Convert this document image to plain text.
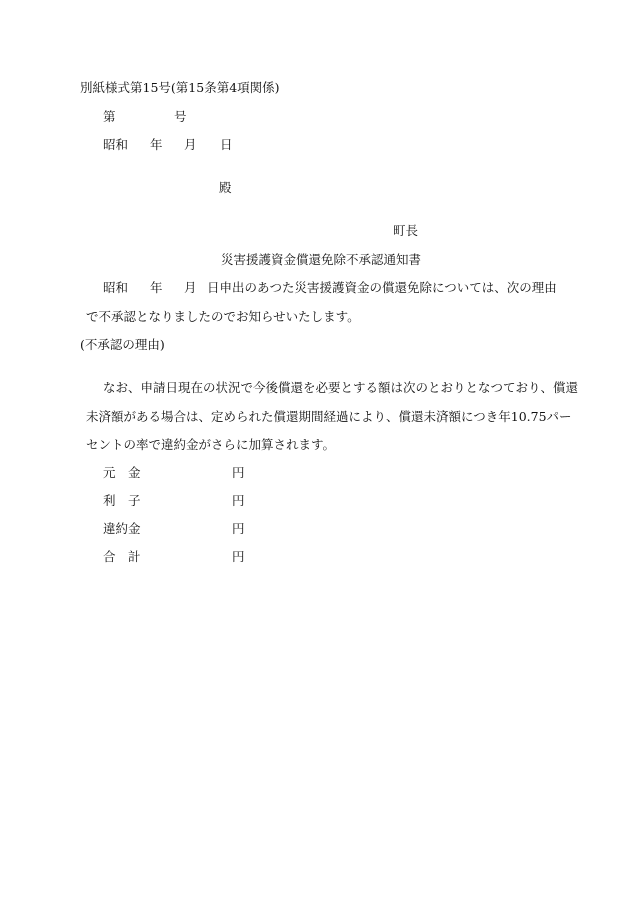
別紙様式第15号(第15条第4項関係)
第	号
昭和 年 月 日
殿
町長
災害援護資金償還免除不承認通知書
昭和 年 月 日申出のあつた災害援護資金の償還免除については、次の理由
で不承認となりましたのでお知らせいたします。
(不承認の理由)
なお、申請日現在の状況で今後償還を必要とする額は次のとおりとなつており、償還
未済額がある場合は、定められた償還期間経過により、償還未済額につき年10.75パー
セントの率で違約金がさらに加算されます。
元　金	円
利　子	円
違約金	円
合　計	円
